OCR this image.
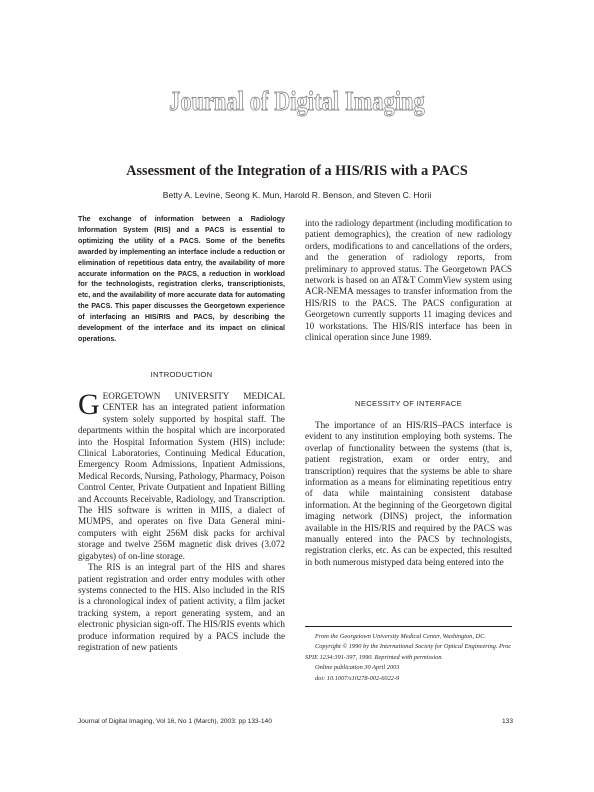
Journal of Digital Imaging
Assessment of the Integration of a HIS/RIS with a PACS
Betty A. Levine, Seong K. Mun, Harold R. Benson, and Steven C. Horii

The exchange of information between a Radiology Information System (RIS) and a PACS is essential to optimizing the utility of a PACS. Some of the benefits awarded by implementing an interface include a reduction or elimination of repetitious data entry, the availability of more accurate information on the PACS, a reduction in workload for the technologists, registration clerks, transcriptionists, etc, and the availability of more accurate data for automating the PACS. This paper discusses the Georgetown experience of interfacing an HIS/RIS and PACS, by describing the development of the interface and its impact on clinical operations.

INTRODUCTION

GEORGETOWN UNIVERSITY MEDICAL CENTER has an integrated patient information system solely supported by hospital staff. The departments within the hospital which are incorporated into the Hospital Information System (HIS) include: Clinical Laboratories, Continuing Medical Education, Emergency Room Admissions, Inpatient Admissions, Medical Records, Nursing, Pathology, Pharmacy, Poison Control Center, Private Outpatient and Inpatient Billing and Accounts Receivable, Radiology, and Transcription. The HIS software is written in MIIS, a dialect of MUMPS, and operates on five Data General mini-computers with eight 256M disk packs for archival storage and twelve 256M magnetic disk drives (3.072 gigabytes) of on-line storage.

The RIS is an integral part of the HIS and shares patient registration and order entry modules with other systems connected to the HIS. Also included in the RIS is a chronological index of patient activity, a film jacket tracking system, a report generating system, and an electronic physician sign-off. The HIS/RIS events which produce information required by a PACS include the registration of new patients

into the radiology department (including modification to patient demographics), the creation of new radiology orders, modifications to and cancellations of the orders, and the generation of radiology reports, from preliminary to approved status. The Georgetown PACS network is based on an AT&T CommView system using ACR-NEMA messages to transfer information from the HIS/RIS to the PACS. The PACS configuration at Georgetown currently supports 11 imaging devices and 10 workstations. The HIS/RIS interface has been in clinical operation since June 1989.

NECESSITY OF INTERFACE

The importance of an HIS/RIS–PACS interface is evident to any institution employing both systems. The overlap of functionality between the systems (that is, patient registration, exam or order entry, and transcription) requires that the systems be able to share information as a means for eliminating repetitious entry of data while maintaining consistent database information. At the beginning of the Georgetown digital imaging network (DINS) project, the information available in the HIS/RIS and required by the PACS was manually entered into the PACS by technologists, registration clerks, etc. As can be expected, this resulted in both numerous mistyped data being entered into the

From the Georgetown University Medical Center, Washington, DC.
Copyright © 1990 by the International Society for Optical Engineering. Proc SPIE 1234:391-397, 1990. Reprinted with permission.
Online publication 30 April 2003
doi: 10.1007/s10278-002-6022-9
Journal of Digital Imaging, Vol 16, No 1 (March), 2003: pp 133-140	133
